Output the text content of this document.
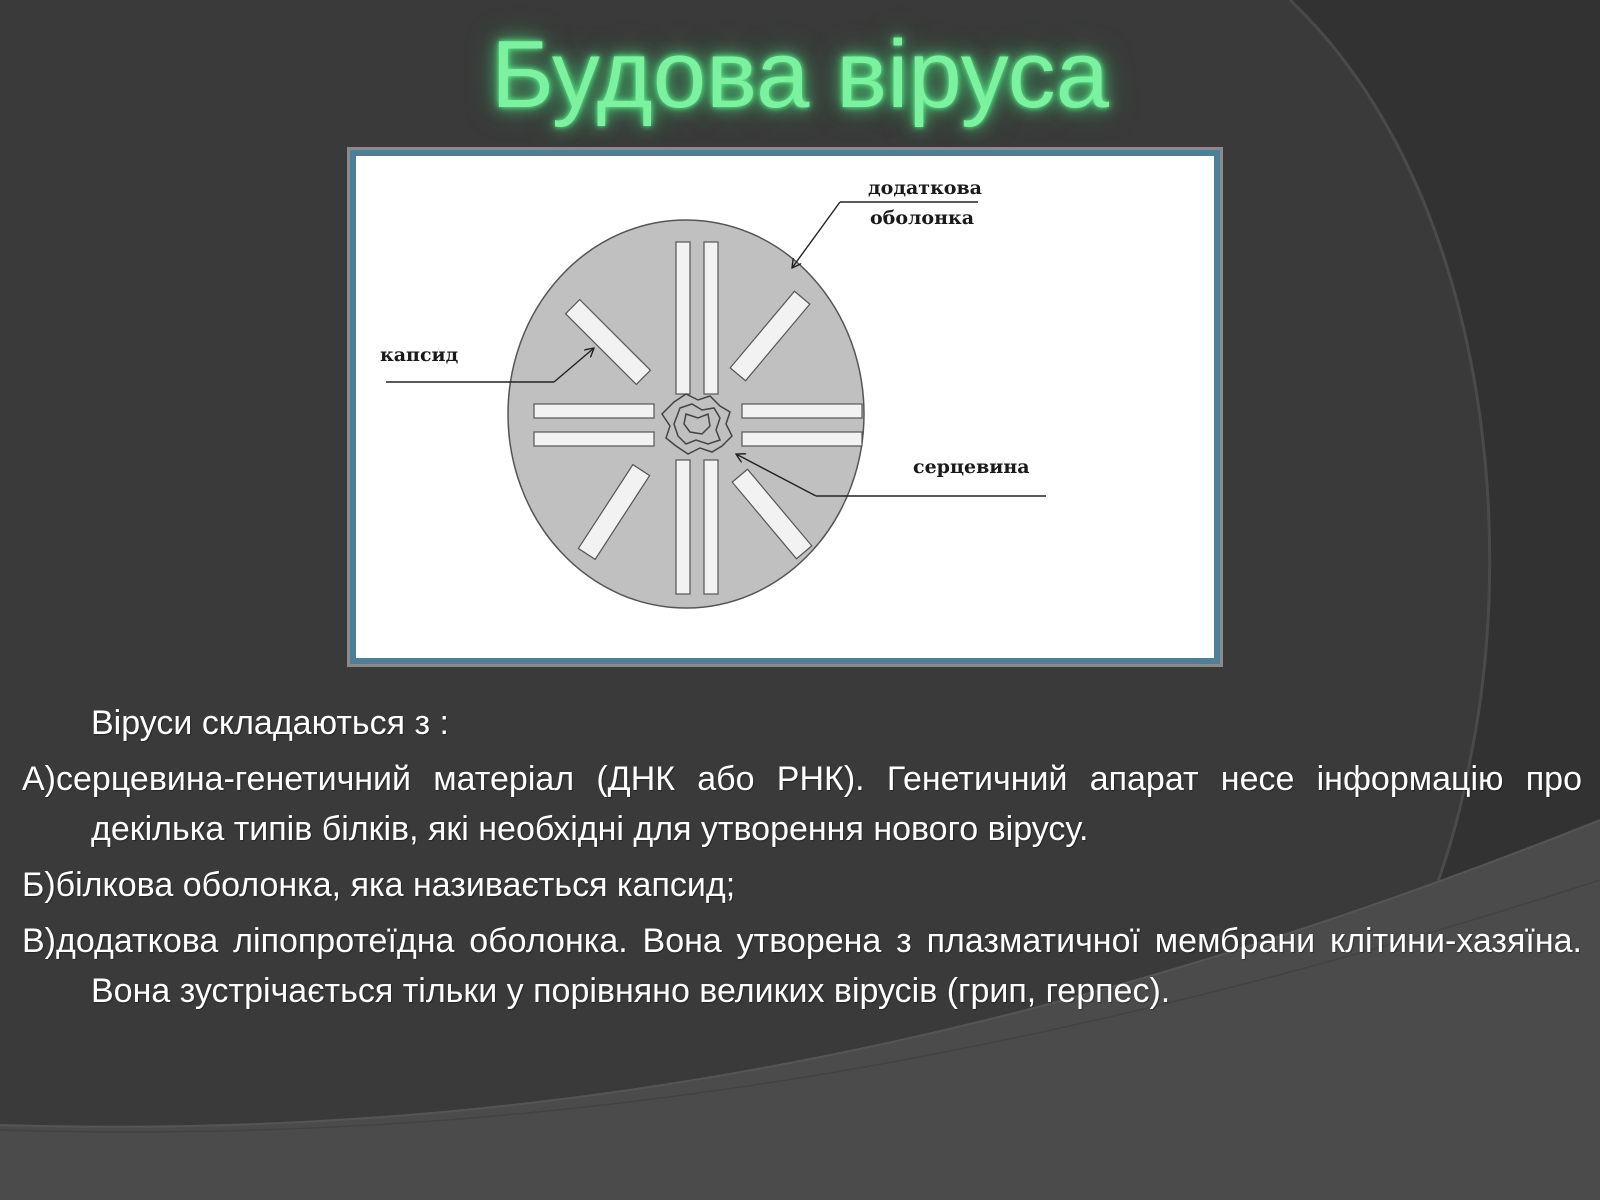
Будова віруса
додаткова
оболонка
капсид
серцевина

Віруси складаються з :

А)серцевина-генетичний матеріал (ДНК або РНК). Генетичний апарат несе інформацію про декілька типів білків, які необхідні для утворення нового вірусу.

Б)білкова оболонка, яка називається капсид;

В)додаткова ліпопротеїдна оболонка. Вона утворена з плазматичної мембрани клітини-хазяїна. Вона зустрічається тільки у порівняно великих вірусів (грип, герпес).
